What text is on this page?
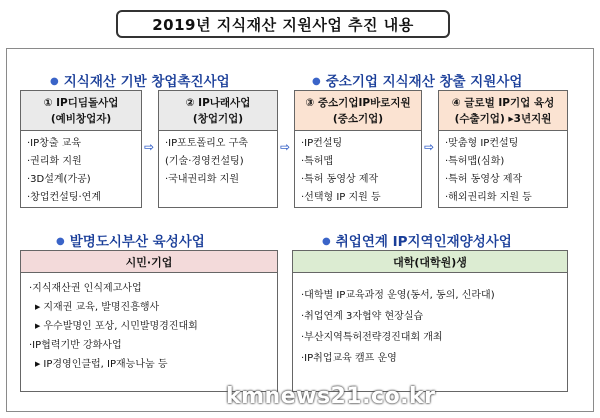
2019년 지식재산 지원사업 추진 내용
● 지식재산 기반 창업촉진사업	● 중소기업 지식재산 창출 지원사업
● 발명도시부산 육성사업	● 취업연계 IP지역인재양성사업
① IP디딤돌사업
(예비창업자)
·IP창출 교육
·권리화 지원
·3D설계(가공)
·창업컨설팅·연계
⇨
② IP나래사업
(창업기업)
·IP포토폴리오 구축
(기술·경영컨설팅)
·국내권리화 지원
⇨
③ 중소기업IP바로지원
(중소기업)
·IP컨설팅
·특허맵
·특허 동영상 제작
·선택형 IP 지원 등
⇨
④ 글로벌 IP기업 육성
(수출기업) ▸3년지원
·맞춤형 IP컨설팅
·특허맵(심화)
·특허 동영상 제작
·해외권리화 지원 등
시민·기업
·지식재산권 인식제고사업
▶ 지재권 교육, 발명진흥행사
▶ 우수발명인 포상, 시민발명경진대회
·IP협력기반 강화사업
▶ IP경영인클럽, IP재능나눔 등
대학(대학원)생
·대학별 IP교육과정 운영(동서, 동의, 신라대)
·취업연계 3자협약 현장실습
·부산지역특허전략경진대회 개최
·IP취업교육 캠프 운영
kmnews21.co.kr
